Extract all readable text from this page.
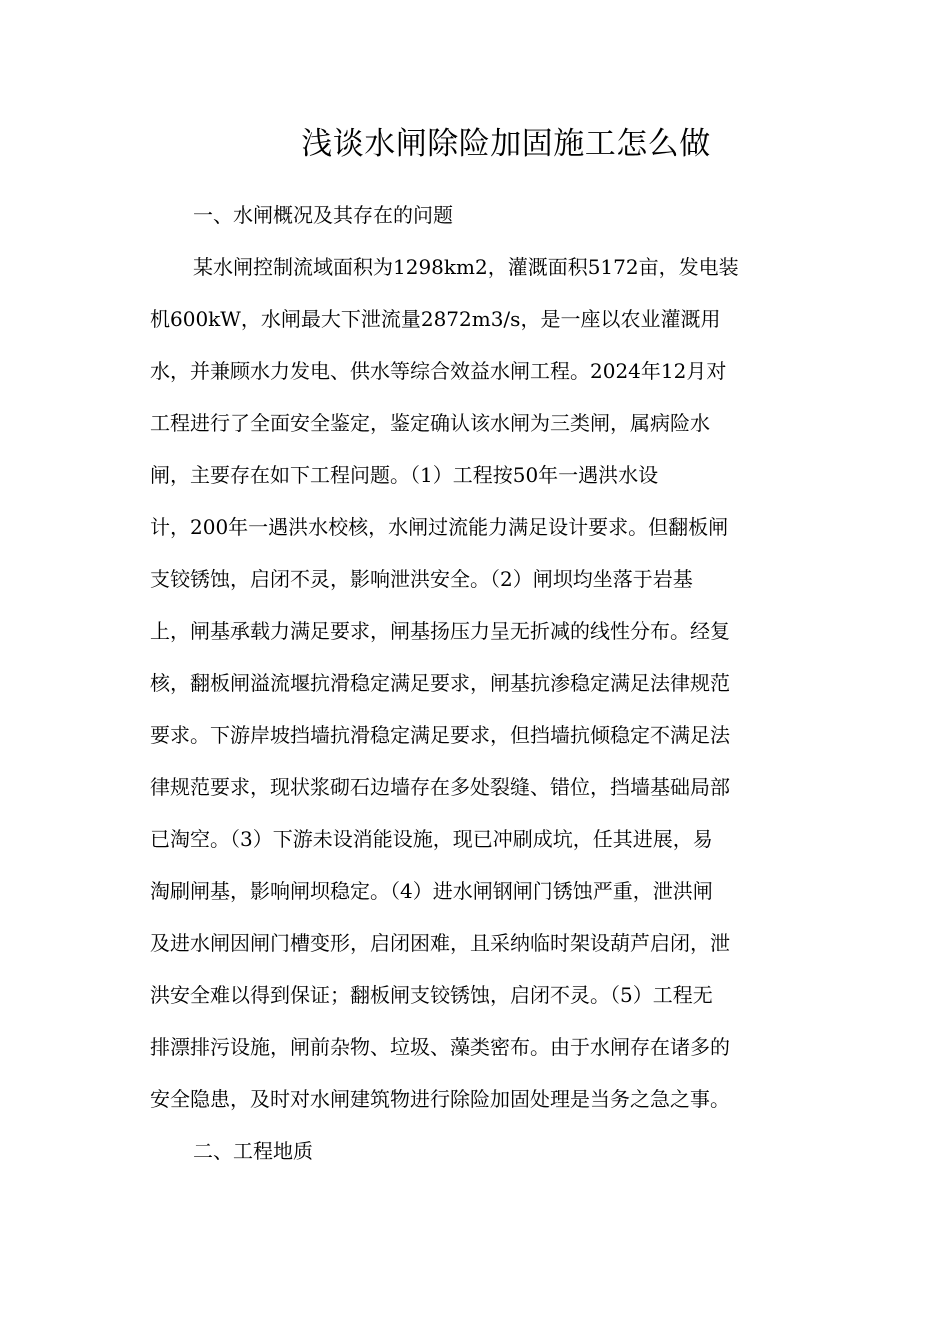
浅谈水闸除险加固施工怎么做
一、水闸概况及其存在的问题
某水闸控制流域面积为1298km2，灌溉面积5172亩，发电装
机600kW，水闸最大下泄流量2872m3/s，是一座以农业灌溉用
水，并兼顾水力发电、供水等综合效益水闸工程。2024年12月对
工程进行了全面安全鉴定，鉴定确认该水闸为三类闸，属病险水
闸，主要存在如下工程问题。（1）工程按50年一遇洪水设
计，200年一遇洪水校核，水闸过流能力满足设计要求。但翻板闸
支铰锈蚀，启闭不灵，影响泄洪安全。（2）闸坝均坐落于岩基
上，闸基承载力满足要求，闸基扬压力呈无折减的线性分布。经复
核，翻板闸溢流堰抗滑稳定满足要求，闸基抗渗稳定满足法律规范
要求。下游岸坡挡墙抗滑稳定满足要求，但挡墙抗倾稳定不满足法
律规范要求，现状浆砌石边墙存在多处裂缝、错位，挡墙基础局部
已淘空。（3）下游未设消能设施，现已冲刷成坑，任其进展，易
淘刷闸基，影响闸坝稳定。（4）进水闸钢闸门锈蚀严重，泄洪闸
及进水闸因闸门槽变形，启闭困难，且采纳临时架设葫芦启闭，泄
洪安全难以得到保证；翻板闸支铰锈蚀，启闭不灵。（5）工程无
排漂排污设施，闸前杂物、垃圾、藻类密布。由于水闸存在诸多的
安全隐患，及时对水闸建筑物进行除险加固处理是当务之急之事。
二、工程地质
